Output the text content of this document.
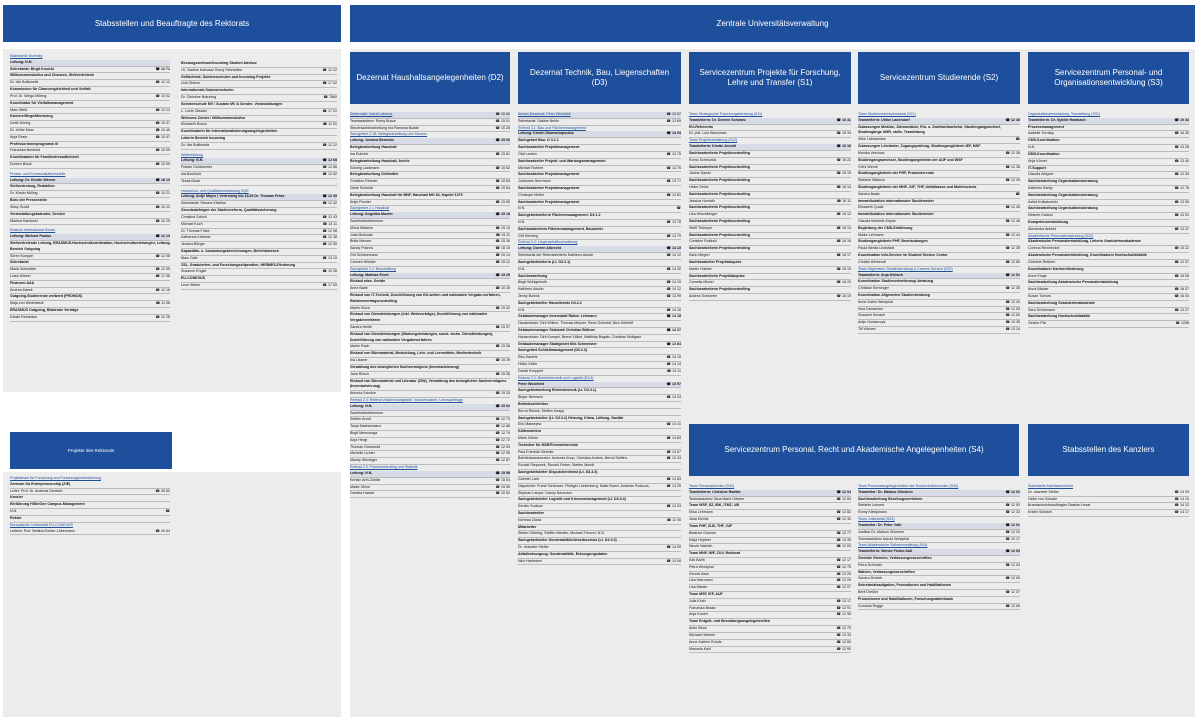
Stabsstellen und Beauftragte des Rektorats	Zentrale Universitätsverwaltung
Stabsstelle Diversity
Leitung: N.N.
Sekretariat: Birgit Kosicki	☎ 12 71
Willkommenskultur und Chancen, Stellvertreterin
Dr. Ute Bultkowitz	☎ 12 12
Kommission für Chancengleichheit und Vielfalt
Prof. Dr. Wingo Möring	☎ 10 02
Koordinator für Vielfaltsmanagement
Marc Weiß	☎ 13 13
Karriere/Wege/Mentoring
Ivette Döring	☎ 10 47
Dr. Ulrike Marz	☎ 10 46
Anja Rosin	☎ 10 47
Professorinnenprogramm III
Franziska Neubold	☎ 10 09
Koordinatorin für Familienfreundlichkeit
Doreen Block	☎ 10 09
Presse- und Kommunikationsstelle
Leitung: Dr. Kirstin Werner	☎ 18 13
Stellvertretung, Redaktion
Dr. Kirstin Nölling	☎ 10 21
Büro der Pressestelle
Sissy Guddi	☎ 10 12
Veranstaltungskalender, Service
Martina Kaminski	☎ 10 29
Rostock International House
Leitung: Michael Paulus	☎ 12 13
Stellvertretende Leitung, ERASMUS-Hochschulkoordination, Hochschulbeziehungen, Leitung Bereich Outgoing
Sören Koeppe	☎ 12 08
Sekretariat
Maria Schmidter	☎ 12 09
Luisa Wiesel	☎ 17 06
Finanzen AAA
Andrea Marek	☎ 12 18
Outgoing-Studierende weltweit (PROMOS)
Maja von Wedelstedt	☎ 11 96
ERASMUS Outgoing, Bilaterale Verträge
Daniel Reinecker	☎ 12 26
Bestungszentrum/Incoming Student Advisor
I.K. Nadine Kartosaz Romy Schmidtke	☎ 12 22
Geflüchtete, Sommerschulen und Incoming Projekte
Uria Ohlens	☎ 17 02
Internationale Sommerschulen
Dr. Christine Bräuning	☎ 7660
Sommerschule MV / Sustain MV & Sender- Veranstaltungen
L. Luzie Olbadel	☎ 17 01
Welcome Center / Willkommenskultur
Elisabeth Rosch	☎ 11 91
Koordinatorin für Internationalisierungsangelegenheiten
Leiterin Bereich Incoming
Dr. Ute Bultkowitz	☎ 12 12
Weiterbildung
Leitung: N.N.	☎ 12 68
Frauke Goldammer	☎ 12 66
Ina Bockholt	☎ 12 62
Tessa Block
Hochschul- und Qualitätsentwicklung HQE
Leitung: Antje Mayer | Vertretung bis 11/25 Dr. Thomas Fritze	☎ 12 49
Sekretariat: Simone Kikellus	☎ 12 42
Grundsatzfragen der Studienreform, Qualitätssicherung
Christina Schick	☎ 12 43
Michael Koch	☎ 13 11
Dr. Thomas Fritze	☎ 12 98
Katharina Kirstmer	☎ 12 38
Jessica Börger	☎ 12 55
Kapazitäts- u. Auslastungsberechnungen, Berichtswesen
Marc Odie	☎ 13 19
ZSL, Graduierten- und Forschungsstipendien, HERMES-Förderung
Susanne Engler	☎ 10 26
EU-CONEXUS
Leon Weber	☎ 17 05
Projekte des Rektorats
Projektteam für Forschung und Forschungsunterstützung
Zentrum für Entrepreneurship (ZfE)
Leiter: Prof. Dr. Andreas Diettrich	☎ 45 60
Kanzler
Einführung HISinOne Campus-Management
N.N.	☎
Rektor
Europäische Universität EU-CONEXUS
Leiterin: Prof. Bettina Eichler-Löbermann	☎ 30 64
Dezernat Haushaltsangelegenheiten (D2)
Dezernat Technik, Bau, Liegenschaften (D3)
Servicezentrum Projekte für Forschung, Lehre und Transfer (S1)
Servicezentrum Studierende (S2)
Servicezentrum Personal- und Organisationsentwicklung (S3)
Dezernatin: Astrid Labrenz	☎ 15 00
Teamassistenz: Romy Braun	☎ 15 01
Steuersachbearbeitung Ina Ramona Budde	☎ 15 26
Sachgebiet 2.1B: Belegbearbeitung und Steuern
Leitung: Jessica Benecke	☎ 15 60
Belegbearbeitung Haushalt
Ina Eubrich	☎ 15 61
Belegbearbeitung Haushalt, Archiv
Solveig Lackmann	☎ 15 62
Belegbearbeitung Drittmittel
Christine Rimmer	☎ 15 63
Dörte Schmidt	☎ 15 64
Belegbearbeitung Haushalt für MNF, Haushalt MG 84, Kapitel 1379
Antje Fischer	☎ 15 65
Sachgebiet 2.1 Haushalt
Leitung: Angelika Mozrin	☎ 15 18
Sachbearbeiterinnen
Mona Martens	☎ 15 13
Julia Moewatz	☎ 15 11
Britta Menzer	☎ 15 16
Sandy Pukrins	☎ 15 15
Grit Schünemann	☎ 15 14
Carmen Winkler	☎ 15 12
Sachgebiet 2.2: Beschaffung
Leitung: Mathias Evert	☎ 15 29
Einkauf wiss. Geräte
Anne Bade	☎ 15 35
Einkauf von IT-Technik, Durchführung von EU-weiten und nationalen Vergabe-verfahren, Rahmenvertragscontrolling
Martin Klock	☎ 15 32
Einkauf von Dienstleistungen (inkl. Werkverträge), Durchführung von nationalen Vergabeverfahren
Sandra Heiße	☎ 15 37
Einkauf von Dienstleistungen (Wartungsleistungen, sonst. techn. Dienstleistungen), Durchführung von nationalen Vergabeverfahren
Martin Rach	☎ 15 36
Einkauf von Büromaterial, Bestuhlung, Lehr- und Lernmitteln, Medientechnik
Ina Lissner	☎ 15 39
Verwaltung des beweglichen Sachvermögens (Inventarisierung)
Jana Rüsch	☎ 15 36
Einkauf von Büromaterial und Literatur (ZIW), Verwaltung des beweglichen Sachvermögens (Inventarisierung)
Antonia Schulze	☎ 15 33
Referat 2.4: Referat Vollstreckungsstell, Insolvenzakter, Lohnsachfrage
Leitung: N.N.	☎ 15 02
Sachbearbeiterinnen
Steffen Arndt	☎ 12 73
Tanja Machemdanz	☎ 12 88
Birgit Mennomga	☎ 12 74
Anja Hergt	☎ 12 72
Thomas Günewold	☎ 12 93
Michelle Lichtel	☎ 12 95
Mandy Wendiger	☎ 12 87
Referat 2.5: Finanzcontrolling und Statistik
Leitung: N.N.	☎ 15 58
Kerstin Arth-Zühlke	☎ 15 54
Maike Giese	☎ 15 55
Daniela Hacker	☎ 15 52
Ikenen Dezernat: Peter Wickfeldt	☎ 13 97
Sekretariat: Sabine Nehls	☎ 13 69
Referat 3.1: Bau und Flächenmanagement
Leitung: Kristin Diamantopoulos	☎ 13 93
Sachgebiet Bau: D 3.1.1
Sachbearbeiter Projektmanagement
Olaf Lewien	☎ 13 75
Sachbearbeiter Projekt- und Wartungsmanagement
Michael Rothert	☎ 13 76
Sachbearbeiter Projektmanagement
Johannes Herrmann	☎ 13 77
Sachbearbeiter Projektmanagement
Christoph Müller	☎ 13 81
Sachbearbeiter Projektmanagement
N.N.	☎
Sachgebietsleiterin Flächenmanagement: D3.1.2
N.N.	☎ 13 78
Sachbearbeiterin Flächenmanagement, Bauarchiv
Grit Herberg	☎ 13 79
Referat 3.2: Liegenschaftsverwaltung
Leitung: Doreen Albrecht	☎ 14 13
Sekretariat der Referatsleiterin Kathleen Awolin	☎ 14 12
Sachgebietsleiterin (Lt. D3.2.1)
N.N.	☎ 14 30
Sachbearbeitung
Birgit Wohlgemuth	☎ 14 19
Kathleen Awolin	☎ 14 12
Jenny Bulenk	☎ 13 99
Sachgebietsleiter Hausdienste D3.2.2
N.N.	☎ 14 16
Gebäudemanager Innenstadt Rainer Lehmann	☎ 14 18
Hausmeister: Dirk Willem, Thomas Meyner, Reno Schmidt, Nico Dethloff
Gebäudemanager Südstadt Christian Büttner	☎ 14 37
Hausmeister: Dirk Kumpel, Bernd Völkel, Matthias Bogatz, Christian Wolfgast
Gebäudemanager Stadtgebiet Nils Schmeister	☎ 13 84
Sachgebiet Schließmanagement (D3.2.3)
Rico Bartels	☎ 14 15
Heiko Seiler	☎ 14 14
Daniel Kreppert	☎ 14 11
Referat 3.3: Betriebstechnik und Logistik (D3.3)
Peter Wickfeldt	☎ 13 97
Sachgebietsleitung Elektrotechnik (Lt. D3.3.1)
Birger Niemann	☎ 14 04
Betriebselektriker
Bernd Rönick, Steffen Knapp
Sachgebietsleiter (Lt. D3.3.2) Heizung, Klima, Lüftung, Sanitär
Eric Matwejew	☎ 14 41
Kältemonteur
Mario Köhler	☎ 14 84
Techniker für MSR/Fernwirktechnik
Paul-Friedrich Behnke	☎ 14 07
Betriebshandwerker: Andreas Knop, Christian Anders, Bernd Steffen,	☎ 13 43
Ronald Stepanek, Ronald Fieber, Steffen Mundt
Sachgebietsleiter Disputcherdienst (Lt. D3.3.3)
Guenter Last	☎ 14 83
Disputcher: Frank Schönsee, Rüdiger Lichtenberg, Malte Ewert, Andreas Podszus,	☎ 13 25
Stephan Lampe, Danny Neumann
Sachgebietsleiter Logistik und Kriesenmanagement (Lt. D3.3.4)
Kerstin Suckow	☎ 14 03
Sachbearbeiter
Norman Zülow	☎ 11 06
Mitarbeiter
Stefan Göhring, Steffen Mentler, Michael Frenzel, N.N.
Sachgebietsleiter Sonderabfälle/Arbeitsschutz (Lt. D3.3.5)
Dr. Jeanette Stelter	☎ 14 09
Abfallentsorgung: Sonderabfälle, Entsorgungsdaten
Nick Hartmann	☎ 14 08
Team Strategische Forschungsberatung (S11)
Teamleiterin: Dr. Doreen Schwarz	☎ 16 31
EU-Referentin
Dr. phil. Lola Wosslman	☎ 18 34
Team Projektverwaltung (S12)
Teamleiterin: Kirstin Arnold	☎ 16 18
Sachbearbeiterin Projektcontrolling
Romo Schmurick	☎ 16 22
Sachbearbeiterin Projektcontrolling
Janine Dawid	☎ 16 15
Sachbearbeiterin Projektcontrolling
Heike Geick	☎ 16 14
Sachbearbeiterin Projektcontrolling
Jessica Homuth	☎ 16 11
Sachbearbeiterin Projektcontrolling
Lisa Hirschberger	☎ 16 12
Sachbearbeiterin Projektcontrolling
Steffi Thümper	☎ 16 13
Sachbearbeiterin Projektcontrolling
Christine Rukitzki	☎ 16 16
Sachbearbeiterin Projektcontrolling
Karin Megert	☎ 16 17
Sachbearbeiter Projektakquise
Martin Hübner	☎ 16 19
Sachbearbeiterin Projektakquise
Cornelia Mickel	☎ 16 20
Sachbearbeiterin Projektcontrolling
Andrea Schroeter	☎ 16 19
Team Studierendensekretariat (S21)
Teamleiterin: Ulrike Ladendorf	☎ 12 38
Zulassungen Medizin, Zahnmedizin, Ein- u. Zweifachbachelor, Studiengangwechsel, Studiengänge UMR, stellv. Teamleitung
Silke Lichtwerden	☎
Zulassungen Lehrämter, Zugangsprüfung, Studiengangleiterin IEF, MSF
Monika Verchow	☎ 12 38
Studiengangswechsel, Studiengangleiterin der AUF und WSF
Grit's Wendt	☎ 12 38
Studiengangleiterin der PHF, Promovierende
Stefanie Mäbeck	☎ 12 39
Studiengangleiterin der MNF, JUF, THF, Unfallkasse und Mutterschutz
Sandra Baatz	☎
Immatrikulation internationaler Studierender
Elisabeth Quast	☎ 12 45
Immatrikulation internationaler Studierender
Claudia Manfrett-Köpke	☎ 12 46
Begleitung der CMS-Einführung
Maike Lehmann	☎ 12 44
Studiengangleiterin PHF, Beurlaubungen
Paula Benita Lindstädt	☎ 12 39
Koordination Info-Service im Student Service Center
Christin Behrendt	☎ 12 80
Team Allgemeine Studienberatung & Careers Service (S22)
Teamleiterin: Anja Klötsch	☎ 12 51
Koordination Studienorientierung/-beratung
Christian Berninger	☎ 12 36
Koordination Allgemeine Studienberatung
Anne-Katrin Westphal	☎ 12 49
Irina Damschter	☎ 12 53
Susanne Bensch	☎ 12 52
Antje Gontarczyk	☎ 13 35
Till Wichert	☎ 13 24
Organisationsentwicklung, Teamleitung (S31)
Teamleiterin: Dr. Sybille Hambach	☎ 10 34
Prozessmanagement
Isabelle Turnsky	☎ 16 35
CMS-Koordination
N.N.	☎ 13 28
DMS-Koordination
Anja Körner	☎ 13 40
IT-Support
Claudia Wegner	☎ 12 34
Sachbearbeitung Organisationsberatung
Kathleen Barby	☎ 12 78
Sachbearbeitung Organisationsberatung
Astrid Kolkatzreski	☎ 13 50
Sachbearbeitung Organisationsberatung
Désirée Kaland	☎ 13 51
Kompetenzentwicklung
Alexandra Anbuhl	☎ 13 37
Akademische Personalentwicklung (S32)
Akademische Personalentwicklung, Leiterin Graduiertenakademie
Corinna Reinheckel	☎ 10 22
Akademische Personalentwicklung, Koordinatorin Hochschuldidaktik
Gabriele Rettmer	☎ 12 57
Koordinatorin Karriereförderung
Anne Kluge	☎ 16 06
Sachbearbeitung Akademische Personalentwicklung
Anna Bäcker	☎ 16 07
Susan Turnow	☎ 16 04
Sachbearbeitung Graduiertenakademie
Sara Schürmann	☎ 13 27
Sachbearbeitung Hochschuldidaktik
Gesine Pilz	☎ 1258
Servicezentrum Personal, Recht und Akademische Angelegenheiten (S4)	Stabsstellen des Kanzlers
Team Personalservice (S41)
Teamleiterin: Christine Radtke	☎ 12 04
Teamassistenz Gina Marie Dittmer	☎ 12 83
Team WSF, SZ, IBK, ITMZ, UB
Elisa Lehmann	☎ 12 82
Jana Kleintz	☎ 12 30
Team PHF, ZLB, THF, JUF
Beatrice Gutzner	☎ 12 77
Katja Höpfner	☎ 13 36
Nicole Nabrich	☎ 12 63
Team MNF, IWF, ZUV, Rektorat
Kati Barth	☎ 12 17
Petra Westphal	☎ 12 75
Dennis Asse	☎ 13 25
Lisa Harrmann	☎ 12 09
Lisa Mahler	☎ 12 07
Team MSF, IEF, AUF
Julia Kluth	☎ 13 17
Franziska Braatz	☎ 12 91
Anja Kunert	☎ 12 96
Team Entgelt- und Besoldungsangelegenheiten
Anke Block	☎ 12 79
Michael Heberer	☎ 13 33
Anne-Kathrin Rohde	☎ 12 80
Manuela Kahl	☎ 12 90
Team Personalangelegenheiten der Hochschullehrenden (S42)
Teamleiter: Dr. Markus Glöckner	☎ 12 02
Sachbearbeitung Berufungsverfahren
Stefanie Lehnert	☎ 12 92
Romy Kleinjohann	☎ 12 32
Team Justiziariat (S43)
Teamleiter: Dr. Peter Voth	☎ 12 01
Justitiar Dr. Markus Glöckner	☎ 12 02
Teamassistenz Karola Westphal	☎ 10 17
Team Akademische Selbstverwaltung (S44)
Teamleiterin: Wenke Friske-Saß	☎ 12 03
Zentrale Gremien, Verfassungsvorschriften
Petra Schröder	☎ 12 04
Wahlen, Verfassungsvorschriften
Sandra Drobek	☎ 12 05
Sekretariatsaufgaben, Promotionen und Habilitationen
Berit Dreßler	☎ 12 07
Promotionen und Habilitationen, Forschungsdatenbank
Gundula Rogge	☎ 12 06
Stabsstelle Arbeitssicherheit
Dr. Jeanette Stelter	☎ 14 09
Heike von Schade	☎ 14 10
Brandschutzbeauftragter Bastian Hossl	☎ 14 12
Kristin Schakel	☎ 14 17
